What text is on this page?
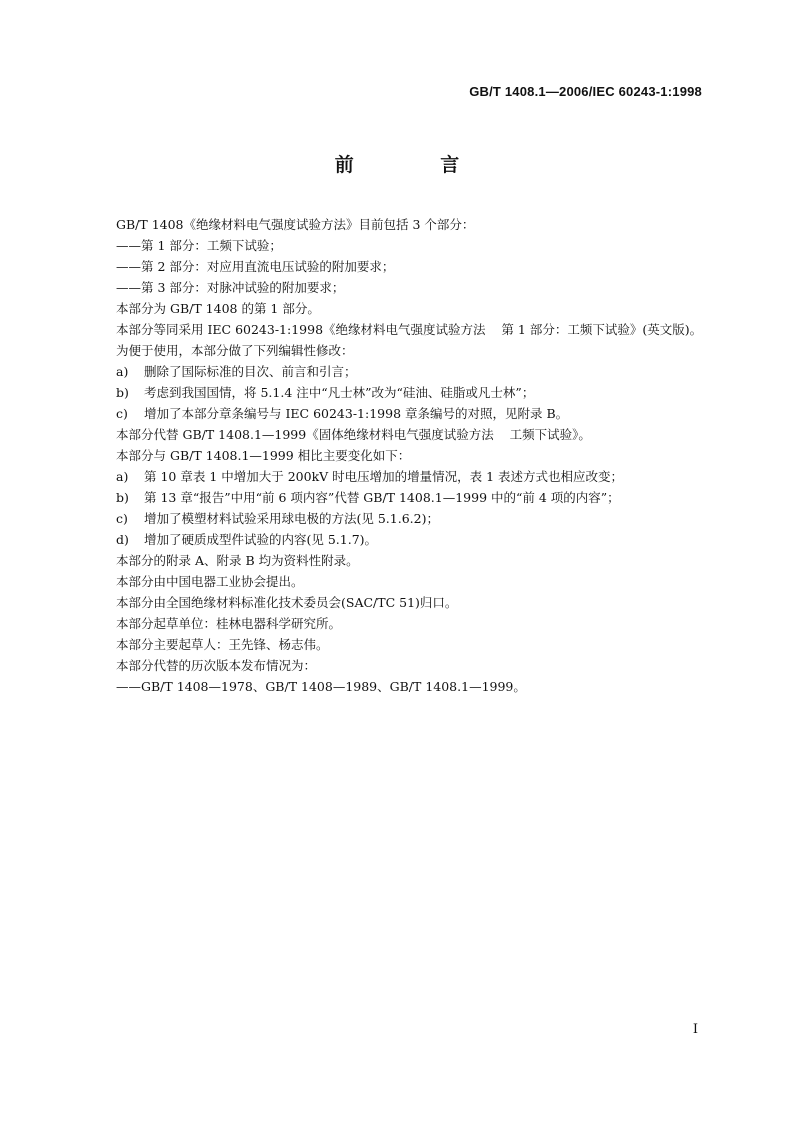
GB/T 1408.1—2006/IEC 60243-1:1998
前 言
GB/T 1408《绝缘材料电气强度试验方法》目前包括 3 个部分：
——第 1 部分：工频下试验；
——第 2 部分：对应用直流电压试验的附加要求；
——第 3 部分：对脉冲试验的附加要求；
本部分为 GB/T 1408 的第 1 部分。
本部分等同采用 IEC 60243-1:1998《绝缘材料电气强度试验方法    第 1 部分：工频下试验》(英文版)。
为便于使用，本部分做了下列编辑性修改：
a) 删除了国际标准的目次、前言和引言；
b) 考虑到我国国情，将 5.1.4 注中“凡士林”改为“硅油、硅脂或凡士林”；
c) 增加了本部分章条编号与 IEC 60243-1:1998 章条编号的对照，见附录 B。
本部分代替 GB/T 1408.1—1999《固体绝缘材料电气强度试验方法    工频下试验》。
本部分与 GB/T 1408.1—1999 相比主要变化如下：
a) 第 10 章表 1 中增加大于 200kV 时电压增加的增量情况，表 1 表述方式也相应改变；
b) 第 13 章“报告”中用“前 6 项内容”代替 GB/T 1408.1—1999 中的“前 4 项的内容”；
c) 增加了模塑材料试验采用球电极的方法(见 5.1.6.2)；
d) 增加了硬质成型件试验的内容(见 5.1.7)。
本部分的附录 A、附录 B 均为资料性附录。
本部分由中国电器工业协会提出。
本部分由全国绝缘材料标准化技术委员会(SAC/TC 51)归口。
本部分起草单位：桂林电器科学研究所。
本部分主要起草人：王先锋、杨志伟。
本部分代替的历次版本发布情况为：
——GB/T 1408—1978、GB/T 1408—1989、GB/T 1408.1—1999。
I
